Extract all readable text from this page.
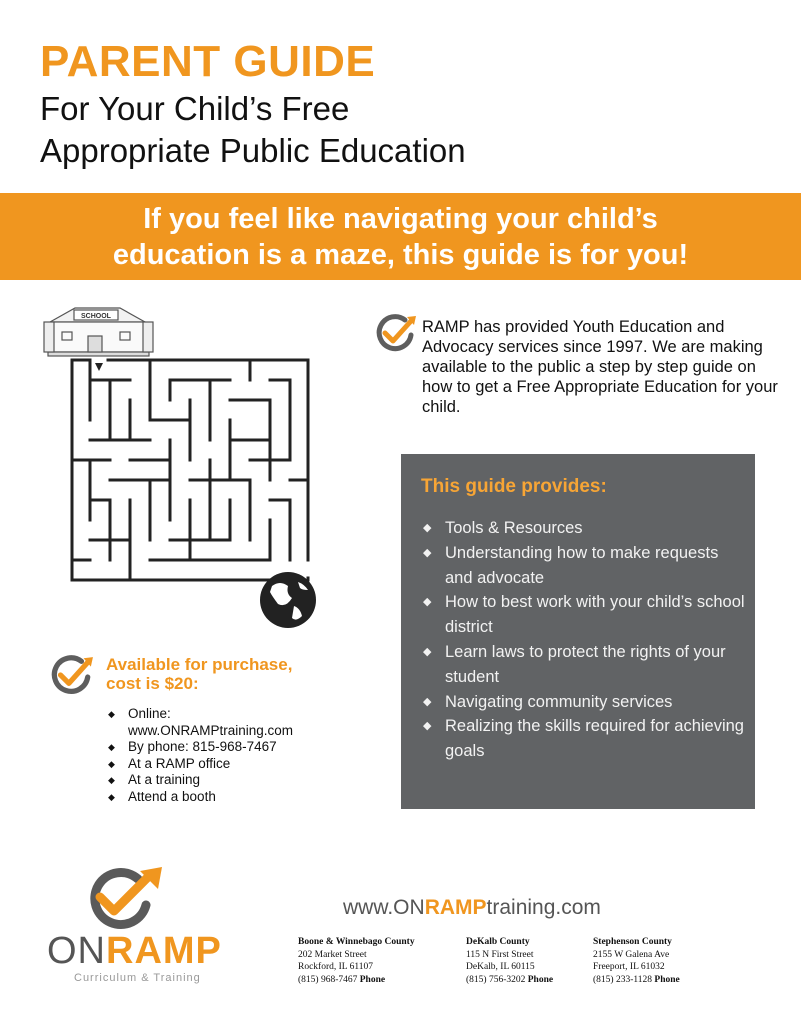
PARENT GUIDE
For Your Child’s Free
Appropriate Public Education
If you feel like navigating your child’s
education is a maze, this guide is for you!
SCHOOL
RAMP has provided Youth Education and Advocacy services since 1997. We are making available to the public a step by step guide on how to get a Free Appropriate Education for your child.
This guide provides:
◆ Tools & Resources
◆ Understanding how to make requests and advocate
◆ How to best work with your child’s school district
◆ Learn laws to protect the rights of your student
◆ Navigating community services
◆ Realizing the skills required for achieving goals
Available for purchase,
cost is $20:
◆ Online:
www.ONRAMPtraining.com
◆ By phone: 815-968-7467
◆ At a RAMP office
◆ At a training
◆ Attend a booth
ONRAMP
Curriculum & Training
www.ONRAMPtraining.com
Boone & Winnebago County
202 Market Street
Rockford, IL 61107
(815) 968-7467 Phone
DeKalb County
115 N First Street
DeKalb, IL 60115
(815) 756-3202 Phone
Stephenson County
2155 W Galena Ave
Freeport, IL 61032
(815) 233-1128 Phone
